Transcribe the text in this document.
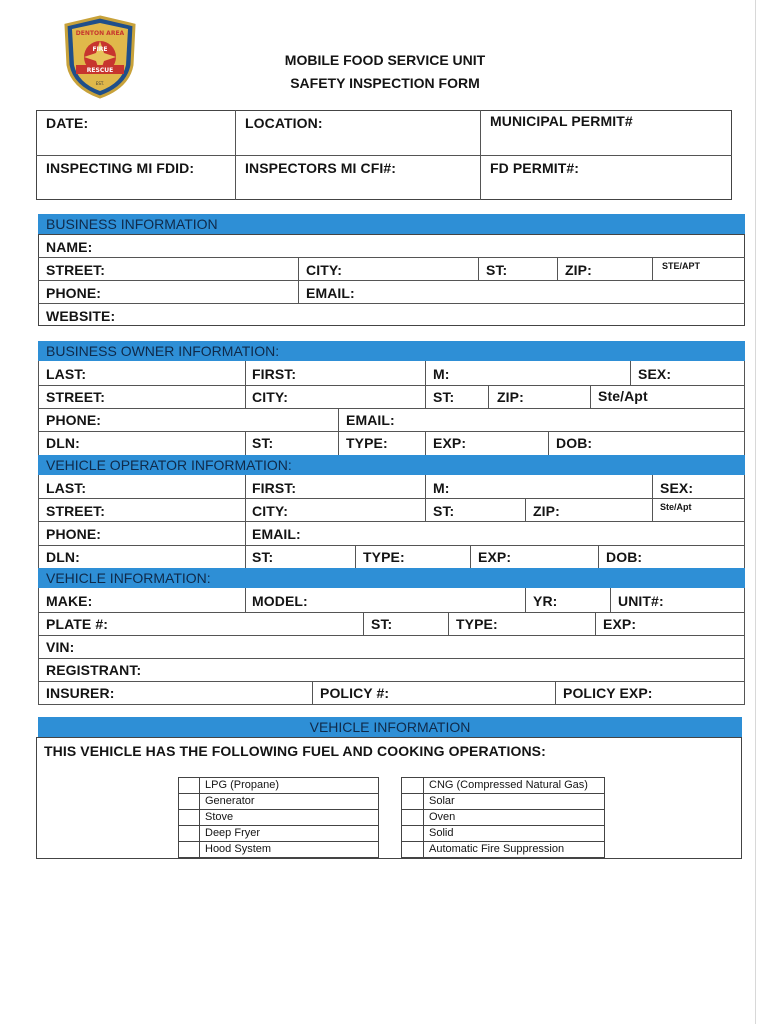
DENTON AREA
FIRE
RESCUE
EST.
MOBILE FOOD SERVICE UNIT
SAFETY INSPECTION FORM
DATE:	LOCATION:	MUNICIPAL PERMIT#
INSPECTING MI FDID:	INSPECTORS MI CFI#:	FD PERMIT#:
BUSINESS INFORMATION
NAME:
STREET:	CITY:	ST:	ZIP:	STE/APT
PHONE:	EMAIL:
WEBSITE:
BUSINESS OWNER INFORMATION:
LAST:	FIRST:	M:	SEX:
STREET:	CITY:	ST:	ZIP:	Ste/Apt
PHONE:	EMAIL:
DLN:	ST:	TYPE:	EXP:	DOB:
VEHICLE OPERATOR INFORMATION:
LAST:	FIRST:	M:	SEX:
STREET:	CITY:	ST:	ZIP:	Ste/Apt
PHONE:	EMAIL:
DLN:	ST:	TYPE:	EXP:	DOB:
VEHICLE INFORMATION:
MAKE:	MODEL:	YR:	UNIT#:
PLATE #:	ST:	TYPE:	EXP:
VIN:
REGISTRANT:
INSURER:	POLICY #:	POLICY EXP:
VEHICLE INFORMATION
THIS VEHICLE HAS THE FOLLOWING FUEL AND COOKING OPERATIONS:
LPG (Propane)
Generator
Stove
Deep Fryer
Hood System
CNG (Compressed Natural Gas)
Solar
Oven
Solid
Automatic Fire Suppression
